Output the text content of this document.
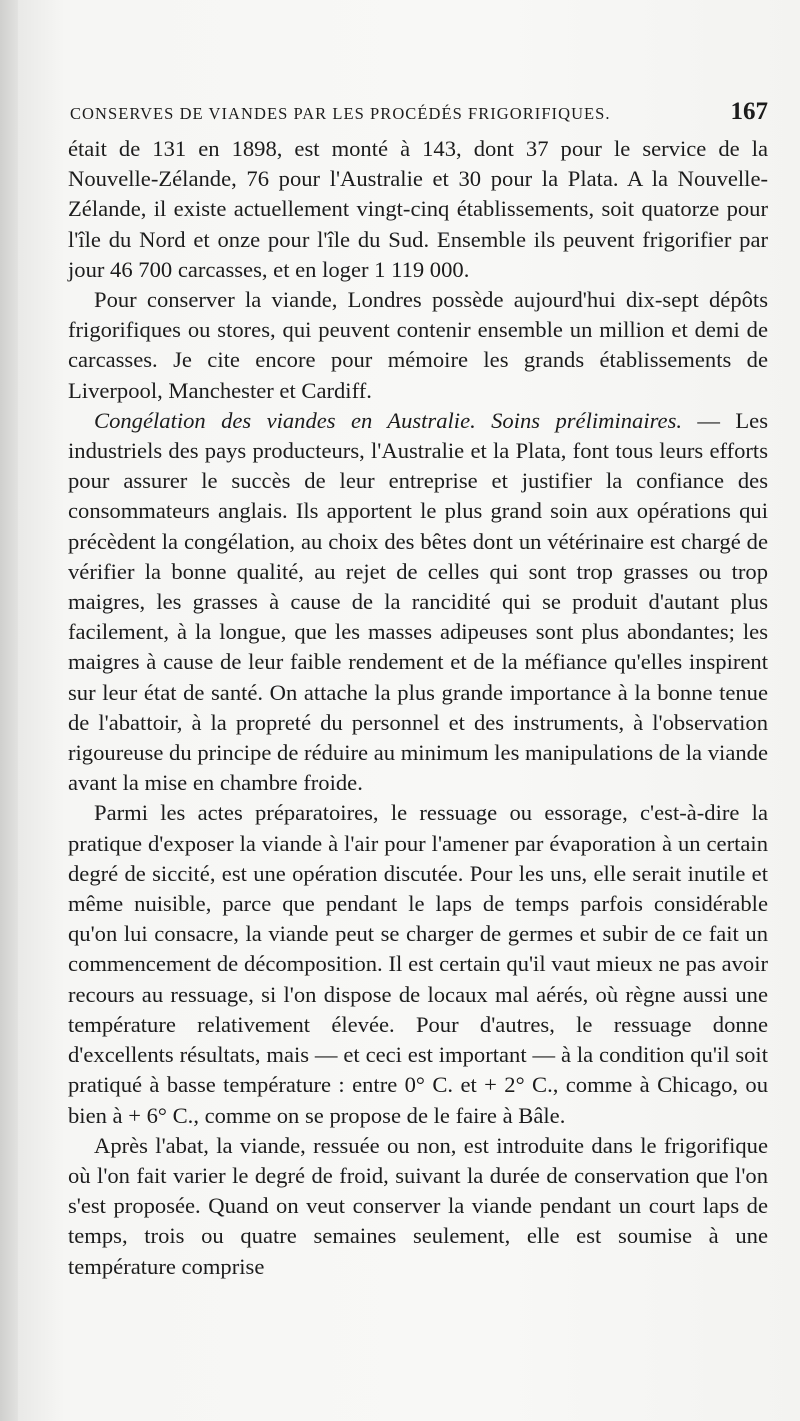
CONSERVES DE VIANDES PAR LES PROCÉDÉS FRIGORIFIQUES.	167

était de 131 en 1898, est monté à 143, dont 37 pour le service de la Nouvelle-Zélande, 76 pour l'Australie et 30 pour la Plata. A la Nouvelle-Zélande, il existe actuellement vingt-cinq établissements, soit quatorze pour l'île du Nord et onze pour l'île du Sud. Ensemble ils peuvent frigorifier par jour 46 700 carcasses, et en loger 1 119 000.

Pour conserver la viande, Londres possède aujourd'hui dix-sept dépôts frigorifiques ou stores, qui peuvent contenir ensemble un million et demi de carcasses. Je cite encore pour mémoire les grands établissements de Liverpool, Manchester et Cardiff.

Congélation des viandes en Australie. Soins préliminaires. — Les industriels des pays producteurs, l'Australie et la Plata, font tous leurs efforts pour assurer le succès de leur entreprise et justifier la confiance des consommateurs anglais. Ils apportent le plus grand soin aux opérations qui précèdent la congélation, au choix des bêtes dont un vétérinaire est chargé de vérifier la bonne qualité, au rejet de celles qui sont trop grasses ou trop maigres, les grasses à cause de la rancidité qui se produit d'autant plus facilement, à la longue, que les masses adipeuses sont plus abondantes; les maigres à cause de leur faible rendement et de la méfiance qu'elles inspirent sur leur état de santé. On attache la plus grande importance à la bonne tenue de l'abattoir, à la propreté du personnel et des instruments, à l'observation rigoureuse du principe de réduire au minimum les manipulations de la viande avant la mise en chambre froide.

Parmi les actes préparatoires, le ressuage ou essorage, c'est-à-dire la pratique d'exposer la viande à l'air pour l'amener par évaporation à un certain degré de siccité, est une opération discutée. Pour les uns, elle serait inutile et même nuisible, parce que pendant le laps de temps parfois considérable qu'on lui consacre, la viande peut se charger de germes et subir de ce fait un commencement de décomposition. Il est certain qu'il vaut mieux ne pas avoir recours au ressuage, si l'on dispose de locaux mal aérés, où règne aussi une température relativement élevée. Pour d'autres, le ressuage donne d'excellents résultats, mais — et ceci est important — à la condition qu'il soit pratiqué à basse température : entre 0° C. et + 2° C., comme à Chicago, ou bien à + 6° C., comme on se propose de le faire à Bâle.

Après l'abat, la viande, ressuée ou non, est introduite dans le frigorifique où l'on fait varier le degré de froid, suivant la durée de conservation que l'on s'est proposée. Quand on veut conserver la viande pendant un court laps de temps, trois ou quatre semaines seulement, elle est soumise à une température comprise
